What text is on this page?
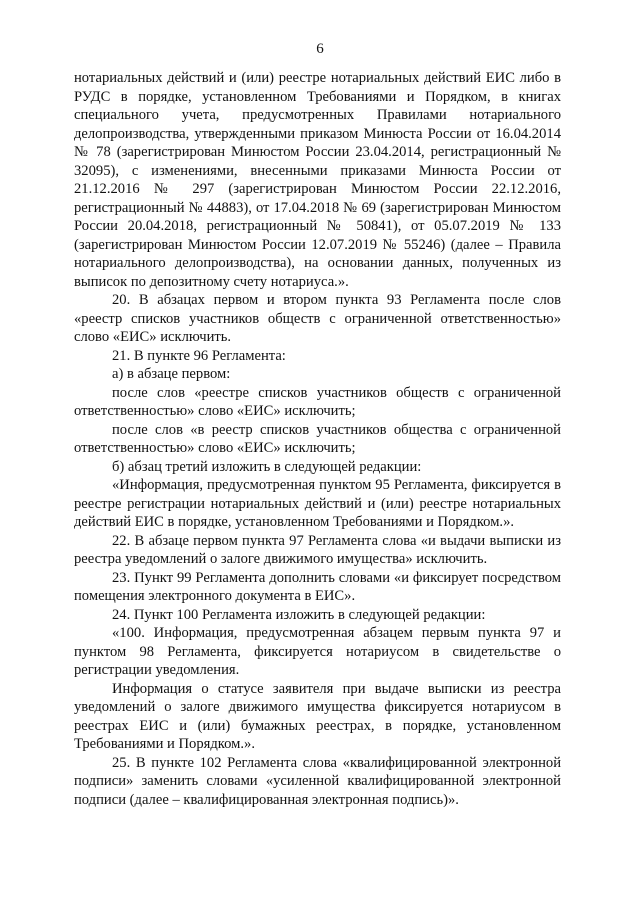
6

нотариальных действий и (или) реестре нотариальных действий ЕИС либо в РУДС в порядке, установленном Требованиями и Порядком, в книгах специального учета, предусмотренных Правилами нотариального делопроизводства, утвержденными приказом Минюста России от 16.04.2014 № 78 (зарегистрирован Минюстом России 23.04.2014, регистрационный № 32095), с изменениями, внесенными приказами Минюста России от 21.12.2016 № 297 (зарегистрирован Минюстом России 22.12.2016, регистрационный № 44883), от 17.04.2018 № 69 (зарегистрирован Минюстом России 20.04.2018, регистрационный № 50841), от 05.07.2019 № 133 (зарегистрирован Минюстом России 12.07.2019 № 55246) (далее – Правила нотариального делопроизводства), на основании данных, полученных из выписок по депозитному счету нотариуса.».

20. В абзацах первом и втором пункта 93 Регламента после слов «реестр списков участников обществ с ограниченной ответственностью» слово «ЕИС» исключить.

21. В пункте 96 Регламента:

а) в абзаце первом:

после слов «реестре списков участников обществ с ограниченной ответственностью» слово «ЕИС» исключить;

после слов «в реестр списков участников общества с ограниченной ответственностью» слово «ЕИС» исключить;

б) абзац третий изложить в следующей редакции:

«Информация, предусмотренная пунктом 95 Регламента, фиксируется в реестре регистрации нотариальных действий и (или) реестре нотариальных действий ЕИС в порядке, установленном Требованиями и Порядком.».

22. В абзаце первом пункта 97 Регламента слова «и выдачи выписки из реестра уведомлений о залоге движимого имущества» исключить.

23. Пункт 99 Регламента дополнить словами «и фиксирует посредством помещения электронного документа в ЕИС».

24. Пункт 100 Регламента изложить в следующей редакции:

«100. Информация, предусмотренная абзацем первым пункта 97 и пунктом 98 Регламента, фиксируется нотариусом в свидетельстве о регистрации уведомления.

Информация о статусе заявителя при выдаче выписки из реестра уведомлений о залоге движимого имущества фиксируется нотариусом в реестрах ЕИС и (или) бумажных реестрах, в порядке, установленном Требованиями и Порядком.».

25. В пункте 102 Регламента слова «квалифицированной электронной подписи» заменить словами «усиленной квалифицированной электронной подписи (далее – квалифицированная электронная подпись)».
